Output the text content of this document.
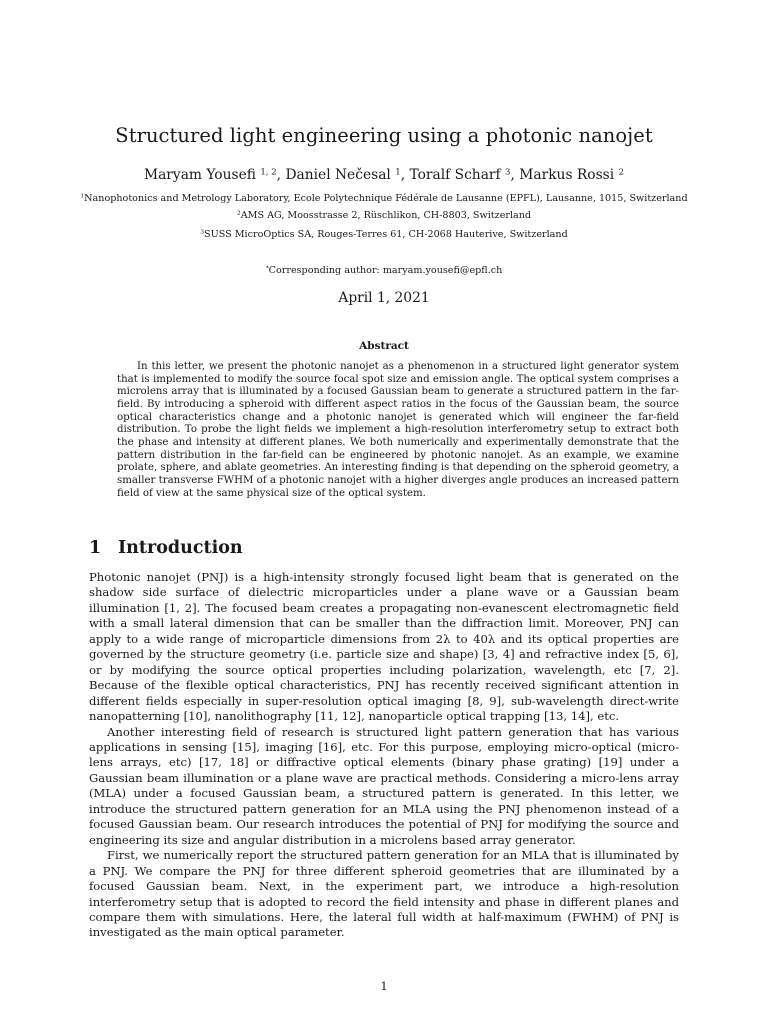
Structured light engineering using a photonic nanojet
Maryam Yousefi $^{1, 2}$, Daniel Nečesal $^1$, Toralf Scharf $^3$, Markus Rossi $^2$
$^1$Nanophotonics and Metrology Laboratory, Ecole Polytechnique Fédérale de Lausanne (EPFL), Lausanne, 1015, Switzerland
$^2$AMS AG, Moosstrasse 2, Rüschlikon, CH-8803, Switzerland
$^3$SUSS MicroOptics SA, Rouges-Terres 61, CH-2068 Hauterive, Switzerland
*Corresponding author: maryam.yousefi@epfl.ch
April 1, 2021
Abstract

In this letter, we present the photonic nanojet as a phenomenon in a structured light generator system that is implemented to modify the source focal spot size and emission angle. The optical system comprises a microlens array that is illuminated by a focused Gaussian beam to generate a structured pattern in the far-field. By introducing a spheroid with different aspect ratios in the focus of the Gaussian beam, the source optical characteristics change and a photonic nanojet is generated which will engineer the far-field distribution. To probe the light fields we implement a high-resolution interferometry setup to extract both the phase and intensity at different planes. We both numerically and experimentally demonstrate that the pattern distribution in the far-field can be engineered by photonic nanojet. As an example, we examine prolate, sphere, and ablate geometries. An interesting finding is that depending on the spheroid geometry, a smaller transverse FWHM of a photonic nanojet with a higher diverges angle produces an increased pattern field of view at the same physical size of the optical system.

1 Introduction

Photonic nanojet (PNJ) is a high-intensity strongly focused light beam that is generated on the shadow side surface of dielectric microparticles under a plane wave or a Gaussian beam illumination [1, 2]. The focused beam creates a propagating non-evanescent electromagnetic field with a small lateral dimension that can be smaller than the diffraction limit. Moreover, PNJ can apply to a wide range of microparticle dimensions from 2λ to 40λ and its optical properties are governed by the structure geometry (i.e. particle size and shape) [3, 4] and refractive index [5, 6], or by modifying the source optical properties including polarization, wavelength, etc [7, 2]. Because of the flexible optical characteristics, PNJ has recently received significant attention in different fields especially in super-resolution optical imaging [8, 9], sub-wavelength direct-write nanopatterning [10], nanolithography [11, 12], nanoparticle optical trapping [13, 14], etc.

Another interesting field of research is structured light pattern generation that has various applications in sensing [15], imaging [16], etc. For this purpose, employing micro-optical (micro-lens arrays, etc) [17, 18] or diffractive optical elements (binary phase grating) [19] under a Gaussian beam illumination or a plane wave are practical methods. Considering a micro-lens array (MLA) under a focused Gaussian beam, a structured pattern is generated. In this letter, we introduce the structured pattern generation for an MLA using the PNJ phenomenon instead of a focused Gaussian beam. Our research introduces the potential of PNJ for modifying the source and engineering its size and angular distribution in a microlens based array generator.

First, we numerically report the structured pattern generation for an MLA that is illuminated by a PNJ. We compare the PNJ for three different spheroid geometries that are illuminated by a focused Gaussian beam. Next, in the experiment part, we introduce a high-resolution interferometry setup that is adopted to record the field intensity and phase in different planes and compare them with simulations. Here, the lateral full width at half-maximum (FWHM) of PNJ is investigated as the main optical parameter.

1
